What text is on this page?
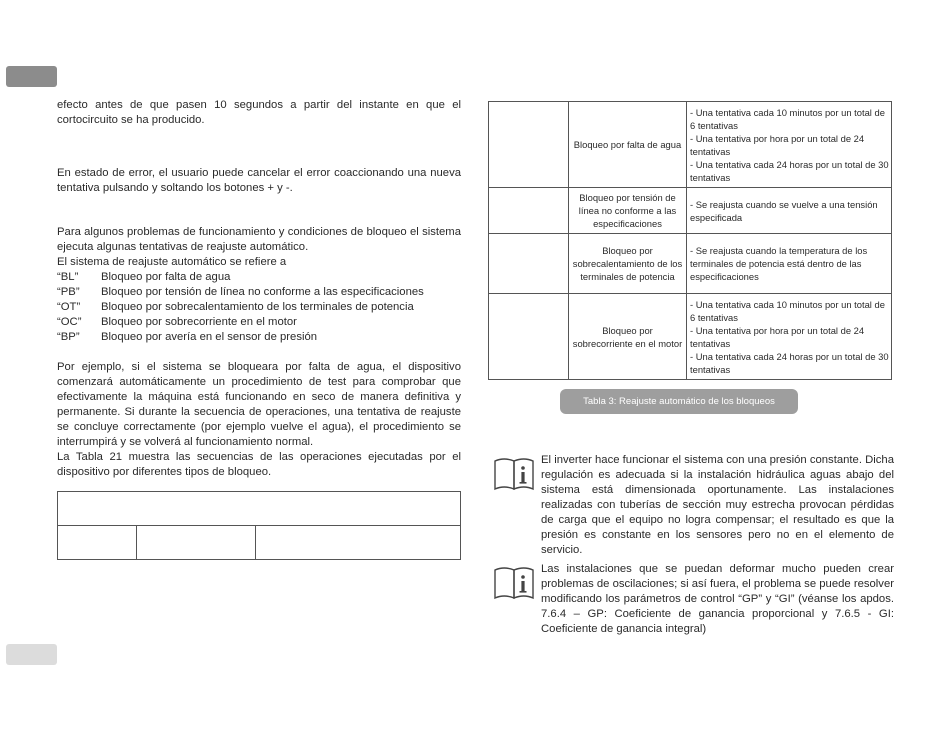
efecto antes de que pasen 10 segundos a partir del instante en que el cortocircuito se ha producido.

En estado de error, el usuario puede cancelar el error coaccionando una nueva tentativa pulsando y soltando los botones + y -.

Para algunos problemas de funcionamiento y condiciones de bloqueo el sistema ejecuta algunas tentativas de reajuste automático.

El sistema de reajuste automático se refiere a

“BL”	Bloqueo por falta de agua
“PB”	Bloqueo por tensión de línea no conforme a las especificaciones
“OT”	Bloqueo por sobrecalentamiento de los terminales de potencia
“OC”	Bloqueo por sobrecorriente en el motor
“BP”	Bloqueo por avería en el sensor de presión

Por ejemplo, si el sistema se bloqueara por falta de agua, el dispositivo comenzará automáticamente un procedimiento de test para comprobar que efectivamente la máquina está funcionando en seco de manera definitiva y permanente. Si durante la secuencia de operaciones, una tentativa de reajuste se concluye correctamente (por ejemplo vuelve el agua), el procedimiento se interrumpirá y se volverá al funcionamiento normal.

La Tabla 21 muestra las secuencias de las operaciones ejecutadas por el dispositivo por diferentes tipos de bloqueo.

	Bloqueo por falta de agua	- Una tentativa cada 10 minutos por un total de 6 tentativas
- Una tentativa por hora por un total de 24 tentativas
- Una tentativa cada 24 horas por un total de 30 tentativas

	Bloqueo por tensión de línea no conforme a las especificaciones	- Se reajusta cuando se vuelve a una tensión especificada

	Bloqueo por sobrecalentamiento de los terminales de potencia	- Se reajusta cuando la temperatura de los terminales de potencia está dentro de las especificaciones

	Bloqueo por sobrecorriente en el motor	- Una tentativa cada 10 minutos por un total de 6 tentativas
- Una tentativa por hora por un total de 24 tentativas
- Una tentativa cada 24 horas por un total de 30 tentativas
Tabla 3: Reajuste automático de los bloqueos

El inverter hace funcionar el sistema con una presión constante. Dicha regulación es adecuada si la instalación hidráulica aguas abajo del sistema está dimensionada oportunamente. Las instalaciones realizadas con tuberías de sección muy estrecha provocan pérdidas de carga que el equipo no logra compensar; el resultado es que la presión es constante en los sensores pero no en el elemento de servicio.

Las instalaciones que se puedan deformar mucho pueden crear problemas de oscilaciones; si así fuera, el problema se puede resolver modificando los parámetros de control “GP” y “GI” (véanse los apdos. 7.6.4 – GP: Coeficiente de ganancia proporcional y 7.6.5 - GI: Coeficiente de ganancia integral)
